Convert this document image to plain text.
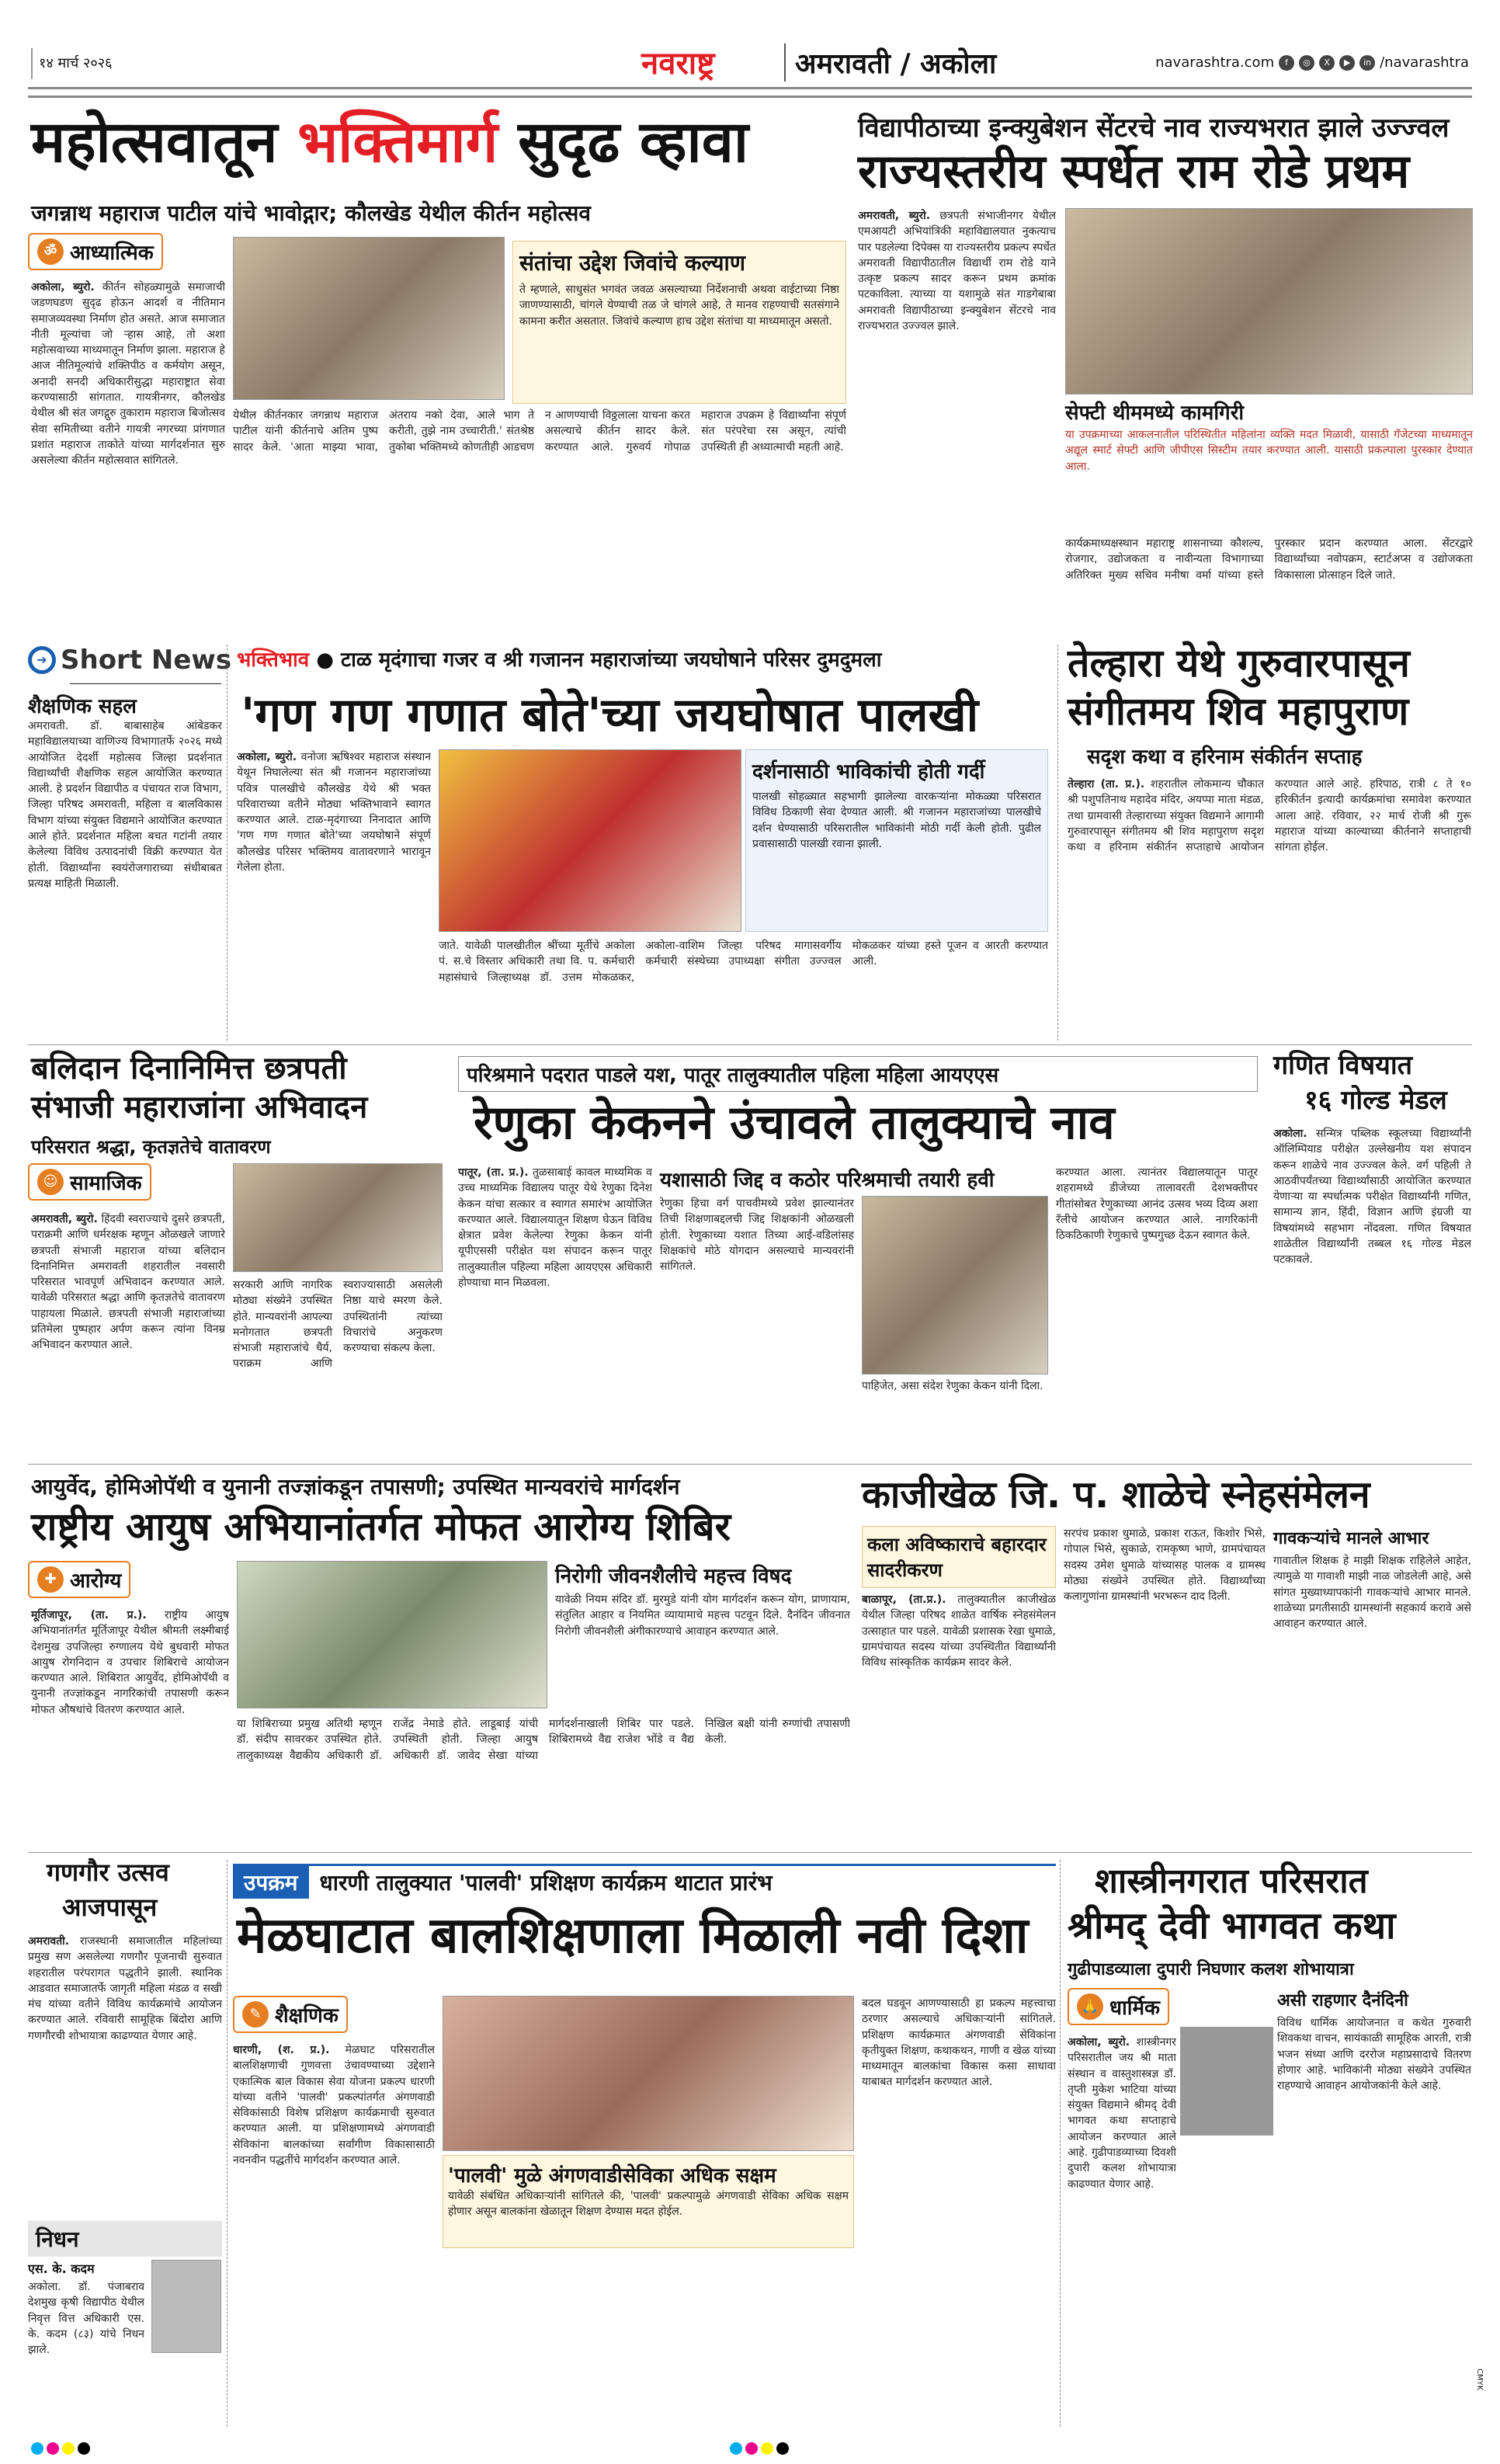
१४ मार्च २०२६	नवराष्ट्र	अमरावती / अकोला	navarashtra.com	f	◎	X	▶	in /navarashtra
महोत्सवातून भक्तिमार्ग सुदृढ व्हावा
जगन्नाथ महाराज पाटील यांचे भावोद्गार; कौलखेड येथील कीर्तन महोत्सव
ॐ आध्यात्मिक
अकोला, ब्युरो. कीर्तन सोहळ्यामुळे समाजाची जडणघडण सुदृढ होऊन आदर्श व नीतिमान समाजव्यवस्था निर्माण होत असते. आज समाजात नीती मूल्यांचा जो ऱ्हास आहे, तो अशा महोत्सवाच्या माध्यमातून निर्माण झाला. महाराज हे आज नीतिमूल्यांचे शक्तिपीठ व कर्मयोग असून, अनादी सनदी अधिकारीसुद्धा महाराष्ट्रात सेवा करण्यासाठी सांगतात. गायत्रीनगर, कौलखेड येथील श्री संत जगद्गुरु तुकाराम महाराज बिजोत्सव सेवा समितीच्या वतीने गायत्री नगरच्या प्रांगणात प्रशांत महाराज ताकोते यांच्या मार्गदर्शनात सुरु असलेल्या कीर्तन महोत्सवात सांगितले.
संतांचा उद्देश जिवांचे कल्याण
ते म्हणाले, साधुसंत भगवंत जवळ असल्याच्या निर्देशनाची अथवा वाईटाच्या निष्ठा जाणण्यासाठी, चांगले येण्याची तळ जे चांगले आहे, ते मानव राहण्याची सतसंगाने कामना करीत असतात. जिवांचे कल्याण हाच उद्देश संतांचा या माध्यमातून असतो.
येथील कीर्तनकार जगन्नाथ महाराज पाटील यांनी कीर्तनाचे अतिम पुष्प सादर केले. 'आता माझ्या भावा, अंतराय नको देवा, आले भाग ते करीती, तुझे नाम उच्चारीती.' संतश्रेष्ठ तुकोबा भक्तिमध्ये कोणतीही आडचण न आणण्याची विठ्ठलाला याचना करत असल्याचे कीर्तन सादर केले. करण्यात आले. गुरुवर्य गोपाळ महाराज उपक्रम हे विद्यार्थ्यांना संपूर्ण संत परंपरेचा रस असून, त्यांची उपस्थिती ही अध्यात्माची महती आहे.
विद्यापीठाच्या इन्क्युबेशन सेंटरचे नाव राज्यभरात झाले उज्ज्वल
राज्यस्तरीय स्पर्धेत राम रोडे प्रथम
अमरावती, ब्युरो. छत्रपती संभाजीनगर येथील एमआयटी अभियांत्रिकी महाविद्यालयात नुकत्याच पार पडलेल्या दिपेक्स या राज्यस्तरीय प्रकल्प स्पर्धेत अमरावती विद्यापीठातील विद्यार्थी राम रोडे याने उत्कृष्ट प्रकल्प सादर करून प्रथम क्रमांक पटकाविला. त्याच्या या यशामुळे संत गाडगेबाबा अमरावती विद्यापीठाच्या इन्क्युबेशन सेंटरचे नाव राज्यभरात उज्ज्वल झाले.
सेफ्टी थीममध्ये कामगिरी
या उपक्रमाच्या आकलनातील परिस्थितीत महिलांना व्यक्ति मदत मिळावी, यासाठी गॅजेटच्या माध्यमातून अद्यूल स्मार्ट सेफ्टी आणि जीपीएस सिस्टीम तयार करण्यात आली. यासाठी प्रकल्पाला पुरस्कार देण्यात आला.
कार्यक्रमाध्यक्षस्थान महाराष्ट्र शासनाच्या कौशल्य, रोजगार, उद्योजकता व नावीन्यता विभागाच्या अतिरिक्त मुख्य सचिव मनीषा वर्मा यांच्या हस्ते पुरस्कार प्रदान करण्यात आला. सेंटरद्वारे विद्यार्थ्यांच्या नवोपक्रम, स्टार्टअप्स व उद्योजकता विकासाला प्रोत्साहन दिले जाते.
➔ Short News
शैक्षणिक सहल
अमरावती. डॉ. बाबासाहेब आंबेडकर महाविद्यालयाच्या वाणिज्य विभागातर्फे २०२६ मध्ये आयोजित देदर्शी महोत्सव जिल्हा प्रदर्शनात विद्यार्थ्यांची शैक्षणिक सहल आयोजित करण्यात आली. हे प्रदर्शन विद्यापीठ व पंचायत राज विभाग, जिल्हा परिषद अमरावती, महिला व बालविकास विभाग यांच्या संयुक्त विद्यमाने आयोजित करण्यात आले होते. प्रदर्शनात महिला बचत गटांनी तयार केलेल्या विविध उत्पादनांची विक्री करण्यात येत होती. विद्यार्थ्यांना स्वयंरोजगाराच्या संधीबाबत प्रत्यक्ष माहिती मिळाली.
भक्तिभाव ● टाळ मृदंगाचा गजर व श्री गजानन महाराजांच्या जयघोषाने परिसर दुमदुमला
'गण गण गणात बोते'च्या जयघोषात पालखी
अकोला, ब्युरो. वनोजा ऋषिश्वर महाराज संस्थान येथून निघालेल्या संत श्री गजानन महाराजांच्या पवित्र पालखीचे कौलखेड येथे श्री भक्त परिवाराच्या वतीने मोठ्या भक्तिभावाने स्वागत करण्यात आले. टाळ-मृदंगाच्या निनादात आणि 'गण गण गणात बोते'च्या जयघोषाने संपूर्ण कौलखेड परिसर भक्तिमय वातावरणाने भारावून गेलेला होता.
दर्शनासाठी भाविकांची होती गर्दी
पालखी सोहळ्यात सहभागी झालेल्या वारकऱ्यांना मोकळ्या परिसरात विविध ठिकाणी सेवा देण्यात आली. श्री गजानन महाराजांच्या पालखीचे दर्शन घेण्यासाठी परिसरातील भाविकांनी मोठी गर्दी केली होती. पुढील प्रवासासाठी पालखी रवाना झाली.
जाते. यावेळी पालखीतील श्रींच्या मूर्तीचे अकोला पं. स.चे विस्तार अधिकारी तथा वि. प. कर्मचारी महासंघाचे जिल्हाध्यक्ष डॉ. उत्तम मोकळकर, अकोला-वाशिम जिल्हा परिषद मागासवर्गीय कर्मचारी संस्थेच्या उपाध्यक्षा संगीता उज्ज्वल मोकळकर यांच्या हस्ते पूजन व आरती करण्यात आली.
तेल्हारा येथे गुरुवारपासून
संगीतमय शिव महापुराण
सदृश कथा व हरिनाम संकीर्तन सप्ताह
तेल्हारा (ता. प्र.). शहरातील लोकमान्य चौकात श्री पशुपतिनाथ महादेव मंदिर, अयप्पा माता मंडळ, तथा ग्रामवासी तेल्हाराच्या संयुक्त विद्यमाने आगामी गुरुवारपासून संगीतमय श्री शिव महापुराण सदृश कथा व हरिनाम संकीर्तन सप्ताहाचे आयोजन करण्यात आले आहे. हरिपाठ, रात्री ८ ते १० हरिकीर्तन इत्यादी कार्यक्रमांचा समावेश करण्यात आला आहे. रविवार, २२ मार्च रोजी श्री गुरू महाराज यांच्या काल्याच्या कीर्तनाने सप्ताहाची सांगता होईल.
बलिदान दिनानिमित्त छत्रपती
संभाजी महाराजांना अभिवादन
परिसरात श्रद्धा, कृतज्ञतेचे वातावरण
☺ सामाजिक
अमरावती, ब्युरो. हिंदवी स्वराज्याचे दुसरे छत्रपती, पराक्रमी आणि धर्मरक्षक म्हणून ओळखले जाणारे छत्रपती संभाजी महाराज यांच्या बलिदान दिनानिमित्त अमरावती शहरातील नवसारी परिसरात भावपूर्ण अभिवादन करण्यात आले. यावेळी परिसरात श्रद्धा आणि कृतज्ञतेचे वातावरण पाहायला मिळाले. छत्रपती संभाजी महाराजांच्या प्रतिमेला पुष्पहार अर्पण करून त्यांना विनम्र अभिवादन करण्यात आले.
सरकारी आणि नागरिक मोठ्या संख्येने उपस्थित होते. मान्यवरांनी आपल्या मनोगतात छत्रपती संभाजी महाराजांचे धैर्य, पराक्रम आणि स्वराज्यासाठी असलेली निष्ठा याचे स्मरण केले. उपस्थितांनी त्यांच्या विचारांचे अनुकरण करण्याचा संकल्प केला.
परिश्रमाने पदरात पाडले यश, पातूर तालुक्यातील पहिला महिला आयएएस
रेणुका केकनने उंचावले तालुक्याचे नाव
पातूर, (ता. प्र.). तुळसाबाई कावल माध्यमिक व उच्च माध्यमिक विद्यालय पातूर येथे रेणुका दिनेश केकन यांचा सत्कार व स्वागत समारंभ आयोजित करण्यात आले. विद्यालयातून शिक्षण घेऊन विविध क्षेत्रात प्रवेश केलेल्या रेणुका केकन यांनी यूपीएससी परीक्षेत यश संपादन करून पातूर तालुक्यातील पहिल्या महिला आयएएस अधिकारी होण्याचा मान मिळवला.
यशासाठी जिद्द व कठोर परिश्रमाची तयारी हवी
रेणुका हिचा वर्ग पाचवीमध्ये प्रवेश झाल्यानंतर तिची शिक्षणाबद्दलची जिद्द शिक्षकांनी ओळखली होती. रेणुकाच्या यशात तिच्या आई-वडिलांसह शिक्षकांचे मोठे योगदान असल्याचे मान्यवरांनी सांगितले.
पाहिजेत, असा संदेश रेणुका केकन यांनी दिला.
करण्यात आला. त्यानंतर विद्यालयातून पातूर शहरामध्ये डीजेच्या तालावरती देशभक्तीपर गीतांसोबत रेणुकाच्या आनंद उत्सव भव्य दिव्य अशा रॅलीचे आयोजन करण्यात आले. नागरिकांनी ठिकठिकाणी रेणुकाचे पुष्पगुच्छ देऊन स्वागत केले.
गणित विषयात
१६ गोल्ड मेडल
अकोला. सन्मित्र पब्लिक स्कूलच्या विद्यार्थ्यांनी ऑलिम्पियाड परीक्षेत उल्लेखनीय यश संपादन करून शाळेचे नाव उज्ज्वल केले. वर्ग पहिली ते आठवीपर्यंतच्या विद्यार्थ्यांसाठी आयोजित करण्यात येणाऱ्या या स्पर्धात्मक परीक्षेत विद्यार्थ्यांनी गणित, सामान्य ज्ञान, हिंदी, विज्ञान आणि इंग्रजी या विषयांमध्ये सहभाग नोंदवला. गणित विषयात शाळेतील विद्यार्थ्यांनी तब्बल १६ गोल्ड मेडल पटकावले.
आयुर्वेद, होमिओपॅथी व युनानी तज्ज्ञांकडून तपासणी; उपस्थित मान्यवरांचे मार्गदर्शन
राष्ट्रीय आयुष अभियानांतर्गत मोफत आरोग्य शिबिर
✚ आरोग्य
मूर्तिजापूर, (ता. प्र.). राष्ट्रीय आयुष अभियानांतर्गत मूर्तिजापूर येथील श्रीमती लक्ष्मीबाई देशमुख उपजिल्हा रुग्णालय येथे बुधवारी मोफत आयुष रोगनिदान व उपचार शिबिराचे आयोजन करण्यात आले. शिबिरात आयुर्वेद, होमिओपॅथी व युनानी तज्ज्ञांकडून नागरिकांची तपासणी करून मोफत औषधांचे वितरण करण्यात आले.
निरोगी जीवनशैलीचे महत्त्व विषद
यावेळी नियम संदिर डॉ. मुरमुडे यांनी योग मार्गदर्शन करून योग, प्राणायाम, संतुलित आहार व नियमित व्यायामाचे महत्त्व पटवून दिले. दैनंदिन जीवनात निरोगी जीवनशैली अंगीकारण्याचे आवाहन करण्यात आले.
या शिबिराच्या प्रमुख अतिथी म्हणून डॉ. संदीप सावरकर उपस्थित होते. तालुकाध्यक्ष वैद्यकीय अधिकारी डॉ. राजेंद्र नेमाडे होते. लाडूबाई यांची उपस्थिती होती. जिल्हा आयुष अधिकारी डॉ. जावेद सेखा यांच्या मार्गदर्शनाखाली शिबिर पार पडले. शिबिरामध्ये वैद्य राजेश भोंडे व वैद्य निखिल बक्षी यांनी रुग्णांची तपासणी केली.
काजीखेळ जि. प. शाळेचे स्नेहसंमेलन
कला अविष्काराचे बहारदार सादरीकरण
बाळापूर, (ता.प्र.). तालुक्यातील काजीखेळ येथील जिल्हा परिषद शाळेत वार्षिक स्नेहसंमेलन उत्साहात पार पडले. यावेळी प्रशासक रेखा धुमाळे, ग्रामपंचायत सदस्य यांच्या उपस्थितीत विद्यार्थ्यांनी विविध सांस्कृतिक कार्यक्रम सादर केले.
सरपंच प्रकाश धुमाळे, प्रकाश राऊत, किशोर भिसे, गोपाल भिसे, सुकाळे, रामकृष्ण भाणे, ग्रामपंचायत सदस्य उमेश धुमाळे यांच्यासह पालक व ग्रामस्थ मोठ्या संख्येने उपस्थित होते. विद्यार्थ्यांच्या कलागुणांना ग्रामस्थांनी भरभरून दाद दिली.
गावकऱ्यांचे मानले आभार
गावातील शिक्षक हे माझी शिक्षक राहिलेले आहेत, त्यामुळे या गावाशी माझी नाळ जोडलेली आहे, असे सांगत मुख्याध्यापकांनी गावकऱ्यांचे आभार मानले. शाळेच्या प्रगतीसाठी ग्रामस्थांनी सहकार्य करावे असे आवाहन करण्यात आले.
गणगौर उत्सव
आजपासून
अमरावती. राजस्थानी समाजातील महिलांच्या प्रमुख सण असलेल्या गणगौर पूजनाची सुरुवात शहरातील परंपरागत पद्धतीने झाली. स्थानिक आडवात समाजातर्फे जागृती महिला मंडळ व सखी मंच यांच्या वतीने विविध कार्यक्रमांचे आयोजन करण्यात आले. रविवारी सामूहिक बिंदोरा आणि गणगौरची शोभायात्रा काढण्यात येणार आहे.
निधन
एस. के. कदम
अकोला. डॉ. पंजाबराव देशमुख कृषी विद्यापीठ येथील निवृत्त वित्त अधिकारी एस. के. कदम (८३) यांचे निधन झाले.
उपक्रम	धारणी तालुक्यात 'पालवी' प्रशिक्षण कार्यक्रम थाटात प्रारंभ
मेळघाटात बालशिक्षणाला मिळाली नवी दिशा
✎ शैक्षणिक
धारणी, (श. प्र.). मेळघाट परिसरातील बालशिक्षणाची गुणवत्ता उंचावण्याच्या उद्देशाने एकात्मिक बाल विकास सेवा योजना प्रकल्प धारणी यांच्या वतीने 'पालवी' प्रकल्पांतर्गत अंगणवाडी सेविकांसाठी विशेष प्रशिक्षण कार्यक्रमाची सुरुवात करण्यात आली. या प्रशिक्षणामध्ये अंगणवाडी सेविकांना बालकांच्या सर्वांगीण विकासासाठी नवनवीन पद्धतींचे मार्गदर्शन करण्यात आले.
'पालवी' मुळे अंगणवाडीसेविका अधिक सक्षम
यावेळी संबंधित अधिकाऱ्यांनी सांगितले की, 'पालवी' प्रकल्पामुळे अंगणवाडी सेविका अधिक सक्षम होणार असून बालकांना खेळातून शिक्षण देण्यास मदत होईल.
बदल घडवून आणण्यासाठी हा प्रकल्प महत्त्वाचा ठरणार असल्याचे अधिकाऱ्यांनी सांगितले. प्रशिक्षण कार्यक्रमात अंगणवाडी सेविकांना कृतीयुक्त शिक्षण, कथाकथन, गाणी व खेळ यांच्या माध्यमातून बालकांचा विकास कसा साधावा याबाबत मार्गदर्शन करण्यात आले.
शास्त्रीनगरात परिसरात
श्रीमद् देवी भागवत कथा
गुढीपाडव्याला दुपारी निघणार कलश शोभायात्रा
🙏 धार्मिक
अकोला, ब्युरो. शास्त्रीनगर परिसरातील जय श्री माता संस्थान व वास्तुशास्त्रज्ञ डॉ. तृप्ती मुकेश भाटिया यांच्या संयुक्त विद्यमाने श्रीमद् देवी भागवत कथा सप्ताहाचे आयोजन करण्यात आले आहे. गुढीपाडव्याच्या दिवशी दुपारी कलश शोभायात्रा काढण्यात येणार आहे.
असी राहणार दैनंदिनी
विविध धार्मिक आयोजनात व कथेत गुरुवारी शिवकथा वाचन, सायंकाळी सामूहिक आरती, रात्री भजन संध्या आणि दररोज महाप्रसादाचे वितरण होणार आहे. भाविकांनी मोठ्या संख्येने उपस्थित राहण्याचे आवाहन आयोजकांनी केले आहे.
CMYK
